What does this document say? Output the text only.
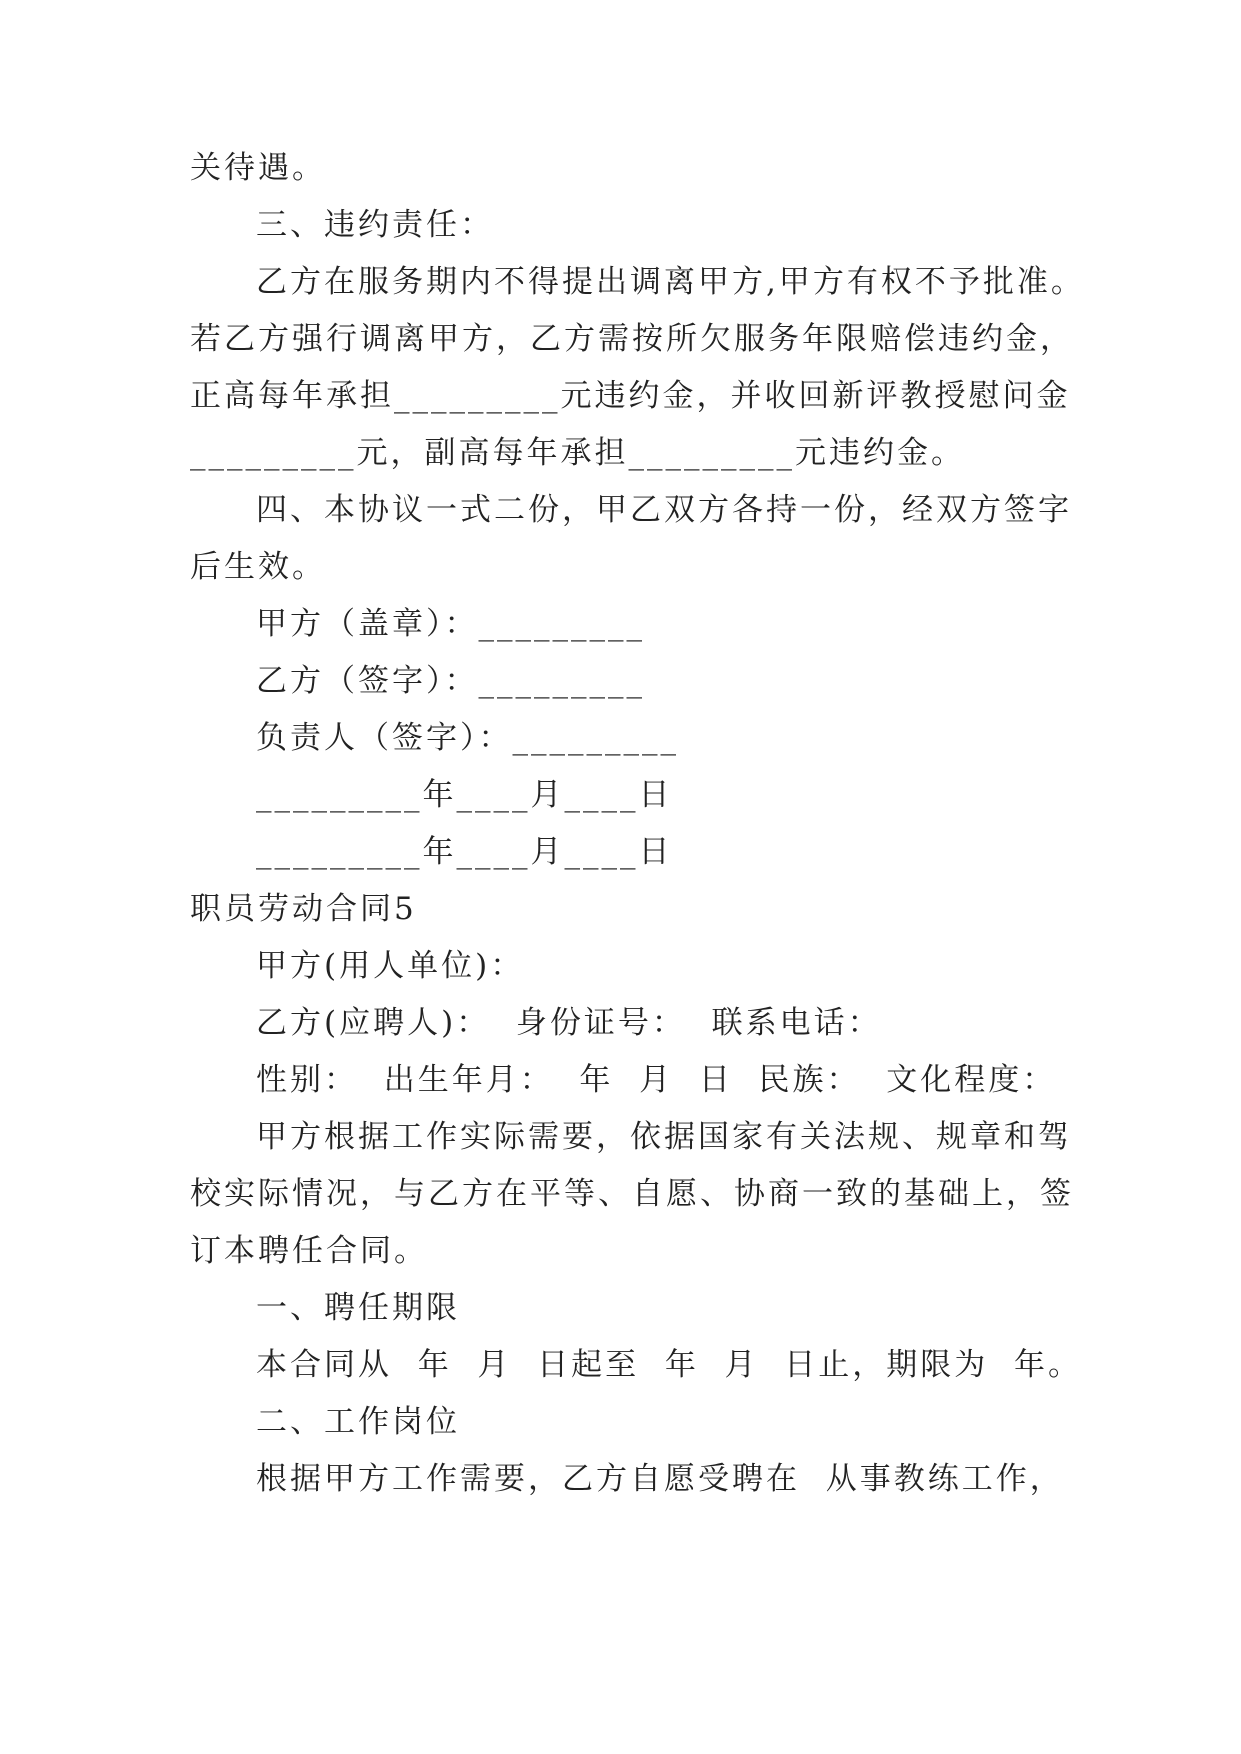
关待遇。
三、违约责任：
乙方在服务期内不得提出调离甲方,甲方有权不予批准。
若乙方强行调离甲方，乙方需按所欠服务年限赔偿违约金，
正高每年承担_________元违约金，并收回新评教授慰问金
_________元，副高每年承担_________元违约金。
四、本协议一式二份，甲乙双方各持一份，经双方签字
后生效。
甲方（盖章）：_________
乙方（签字）：_________
负责人（签字）：_________
_________年____月____日
_________年____月____日
职员劳动合同5
甲方(用人单位)：
乙方(应聘人)：  身份证号：  联系电话：
性别：  出生年月：  年  月  日  民族：  文化程度：
甲方根据工作实际需要，依据国家有关法规、规章和驾
校实际情况，与乙方在平等、自愿、协商一致的基础上，签
订本聘任合同。
一、聘任期限
本合同从  年  月  日起至  年  月  日止，期限为  年。
二、工作岗位
根据甲方工作需要，乙方自愿受聘在  从事教练工作，
